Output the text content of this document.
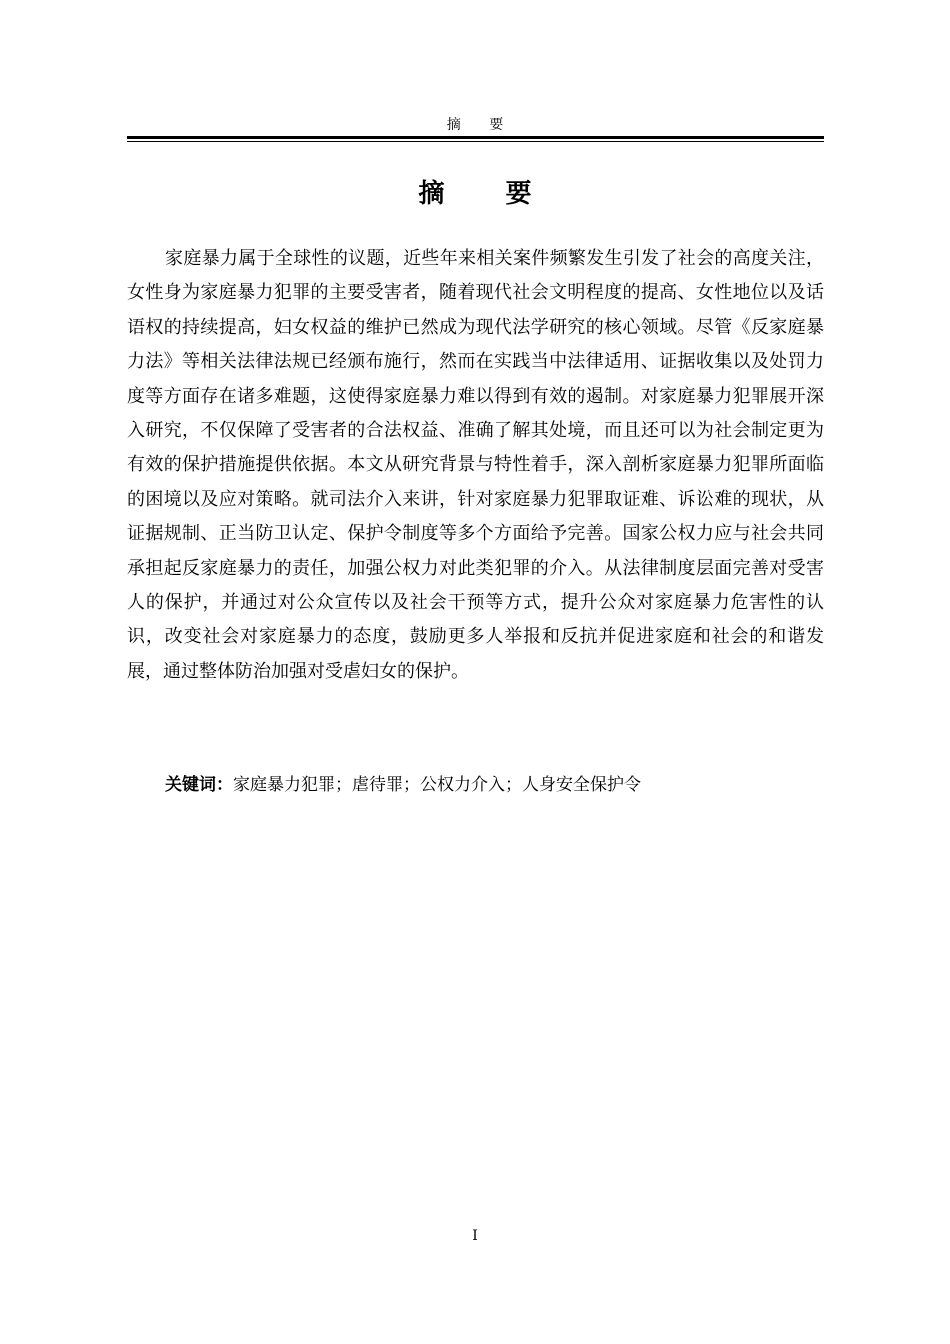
摘 要
摘 要

家庭暴力属于全球性的议题，近些年来相关案件频繁发生引发了社会的高度关注，女性身为家庭暴力犯罪的主要受害者，随着现代社会文明程度的提高、女性地位以及话语权的持续提高，妇女权益的维护已然成为现代法学研究的核心领域。尽管《反家庭暴力法》等相关法律法规已经颁布施行，然而在实践当中法律适用、证据收集以及处罚力度等方面存在诸多难题，这使得家庭暴力难以得到有效的遏制。对家庭暴力犯罪展开深入研究，不仅保障了受害者的合法权益、准确了解其处境，而且还可以为社会制定更为有效的保护措施提供依据。本文从研究背景与特性着手，深入剖析家庭暴力犯罪所面临的困境以及应对策略。就司法介入来讲，针对家庭暴力犯罪取证难、诉讼难的现状，从证据规制、正当防卫认定、保护令制度等多个方面给予完善。国家公权力应与社会共同承担起反家庭暴力的责任，加强公权力对此类犯罪的介入。从法律制度层面完善对受害人的保护，并通过对公众宣传以及社会干预等方式，提升公众对家庭暴力危害性的认识，改变社会对家庭暴力的态度，鼓励更多人举报和反抗并促进家庭和社会的和谐发展，通过整体防治加强对受虐妇女的保护。

关键词：家庭暴力犯罪；虐待罪；公权力介入；人身安全保护令
I
